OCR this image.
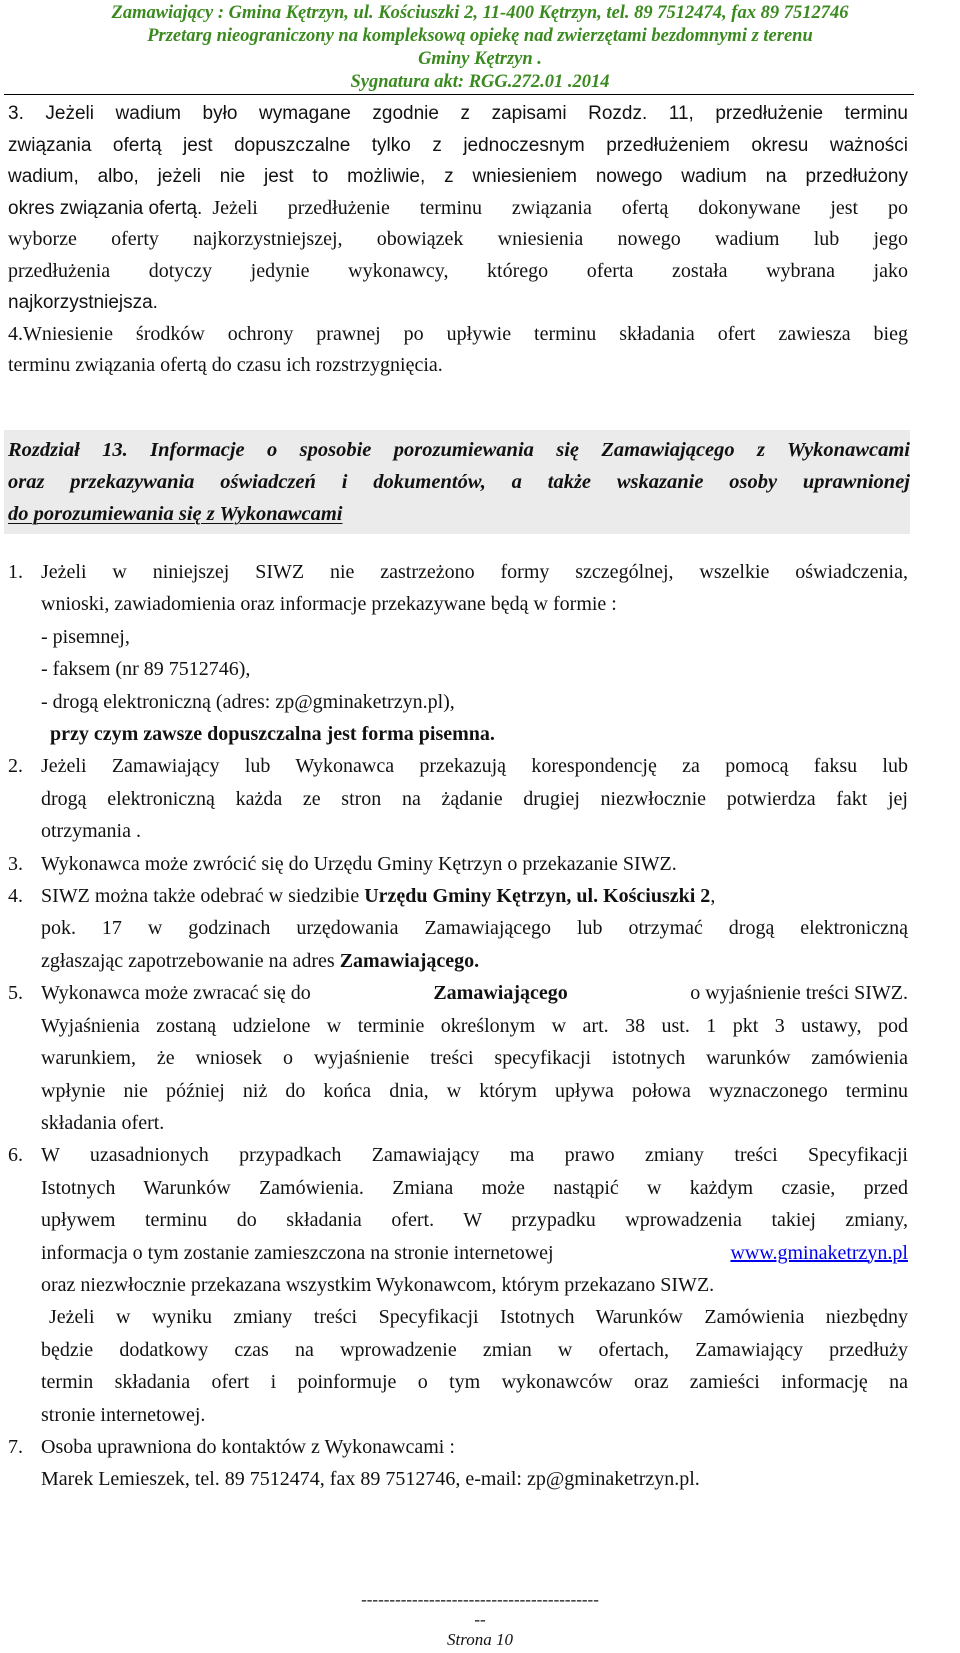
Zamawiający : Gmina Kętrzyn, ul. Kościuszki 2, 11-400 Kętrzyn, tel. 89 7512474, fax 89 7512746
Przetarg nieograniczony na kompleksową opiekę nad zwierzętami bezdomnymi z terenu
Gminy Kętrzyn .
Sygnatura akt: RGG.272.01 .2014

3. Jeżeli wadium było wymagane zgodnie z zapisami Rozdz. 11, przedłużenie terminu

związania ofertą jest dopuszczalne tylko z jednoczesnym przedłużeniem okresu ważności

wadium, albo, jeżeli nie jest to możliwie, z wniesieniem nowego wadium na przedłużony

okres związania ofertą. Jeżeli przedłużenie terminu związania ofertą dokonywane jest po

wyborze oferty najkorzystniejszej, obowiązek wniesienia nowego wadium lub jego

przedłużenia dotyczy jedynie wykonawcy, którego oferta została wybrana jako

najkorzystniejsza.

4.Wniesienie środków ochrony prawnej po upływie terminu składania ofert zawiesza bieg

terminu związania ofertą do czasu ich rozstrzygnięcia.

Rozdział 13. Informacje o sposobie porozumiewania się Zamawiającego z Wykonawcami
oraz przekazywania oświadczeń i dokumentów, a także wskazanie osoby uprawnionej
do porozumiewania się z Wykonawcami
1. Jeżeli w niniejszej SIWZ nie zastrzeżono formy szczególnej, wszelkie oświadczenia,
wnioski, zawiadomienia oraz informacje przekazywane będą w formie :
- pisemnej,
- faksem (nr 89 7512746),
- drogą elektroniczną (adres: zp@gminaketrzyn.pl),
przy czym zawsze dopuszczalna jest forma pisemna.
2. Jeżeli Zamawiający lub Wykonawca przekazują korespondencję za pomocą faksu lub
drogą elektroniczną każda ze stron na żądanie drugiej niezwłocznie potwierdza fakt jej
otrzymania .
3. Wykonawca może zwrócić się do Urzędu Gminy Kętrzyn o przekazanie SIWZ.
4. SIWZ można także odebrać w siedzibie Urzędu Gminy Kętrzyn, ul. Kościuszki 2,
pok. 17 w godzinach urzędowania Zamawiającego lub otrzymać drogą elektroniczną
zgłaszając zapotrzebowanie na adres Zamawiającego.
5. Wykonawca może zwracać się do	Zamawiającego	o wyjaśnienie treści SIWZ.
Wyjaśnienia zostaną udzielone w terminie określonym w art. 38 ust. 1 pkt 3 ustawy, pod
warunkiem, że wniosek o wyjaśnienie treści specyfikacji istotnych warunków zamówienia
wpłynie nie później niż do końca dnia, w którym upływa połowa wyznaczonego terminu
składania ofert.
6. W uzasadnionych przypadkach Zamawiający ma prawo zmiany treści Specyfikacji
Istotnych Warunków Zamówienia. Zmiana może nastąpić w każdym czasie, przed
upływem terminu do składania ofert. W przypadku wprowadzenia takiej zmiany,
informacja o tym zostanie zamieszczona na stronie internetowej	www.gminaketrzyn.pl
oraz niezwłocznie przekazana wszystkim Wykonawcom, którym przekazano SIWZ.
Jeżeli w wyniku zmiany treści Specyfikacji Istotnych Warunków Zamówienia niezbędny
będzie dodatkowy czas na wprowadzenie zmian w ofertach, Zamawiający przedłuży
termin składania ofert i poinformuje o tym wykonawców oraz zamieści informację na
stronie internetowej.
7. Osoba uprawniona do kontaktów z Wykonawcami :
Marek Lemieszek, tel. 89 7512474, fax 89 7512746, e-mail: zp@gminaketrzyn.pl.
------------------------------------------
--
Strona 10
